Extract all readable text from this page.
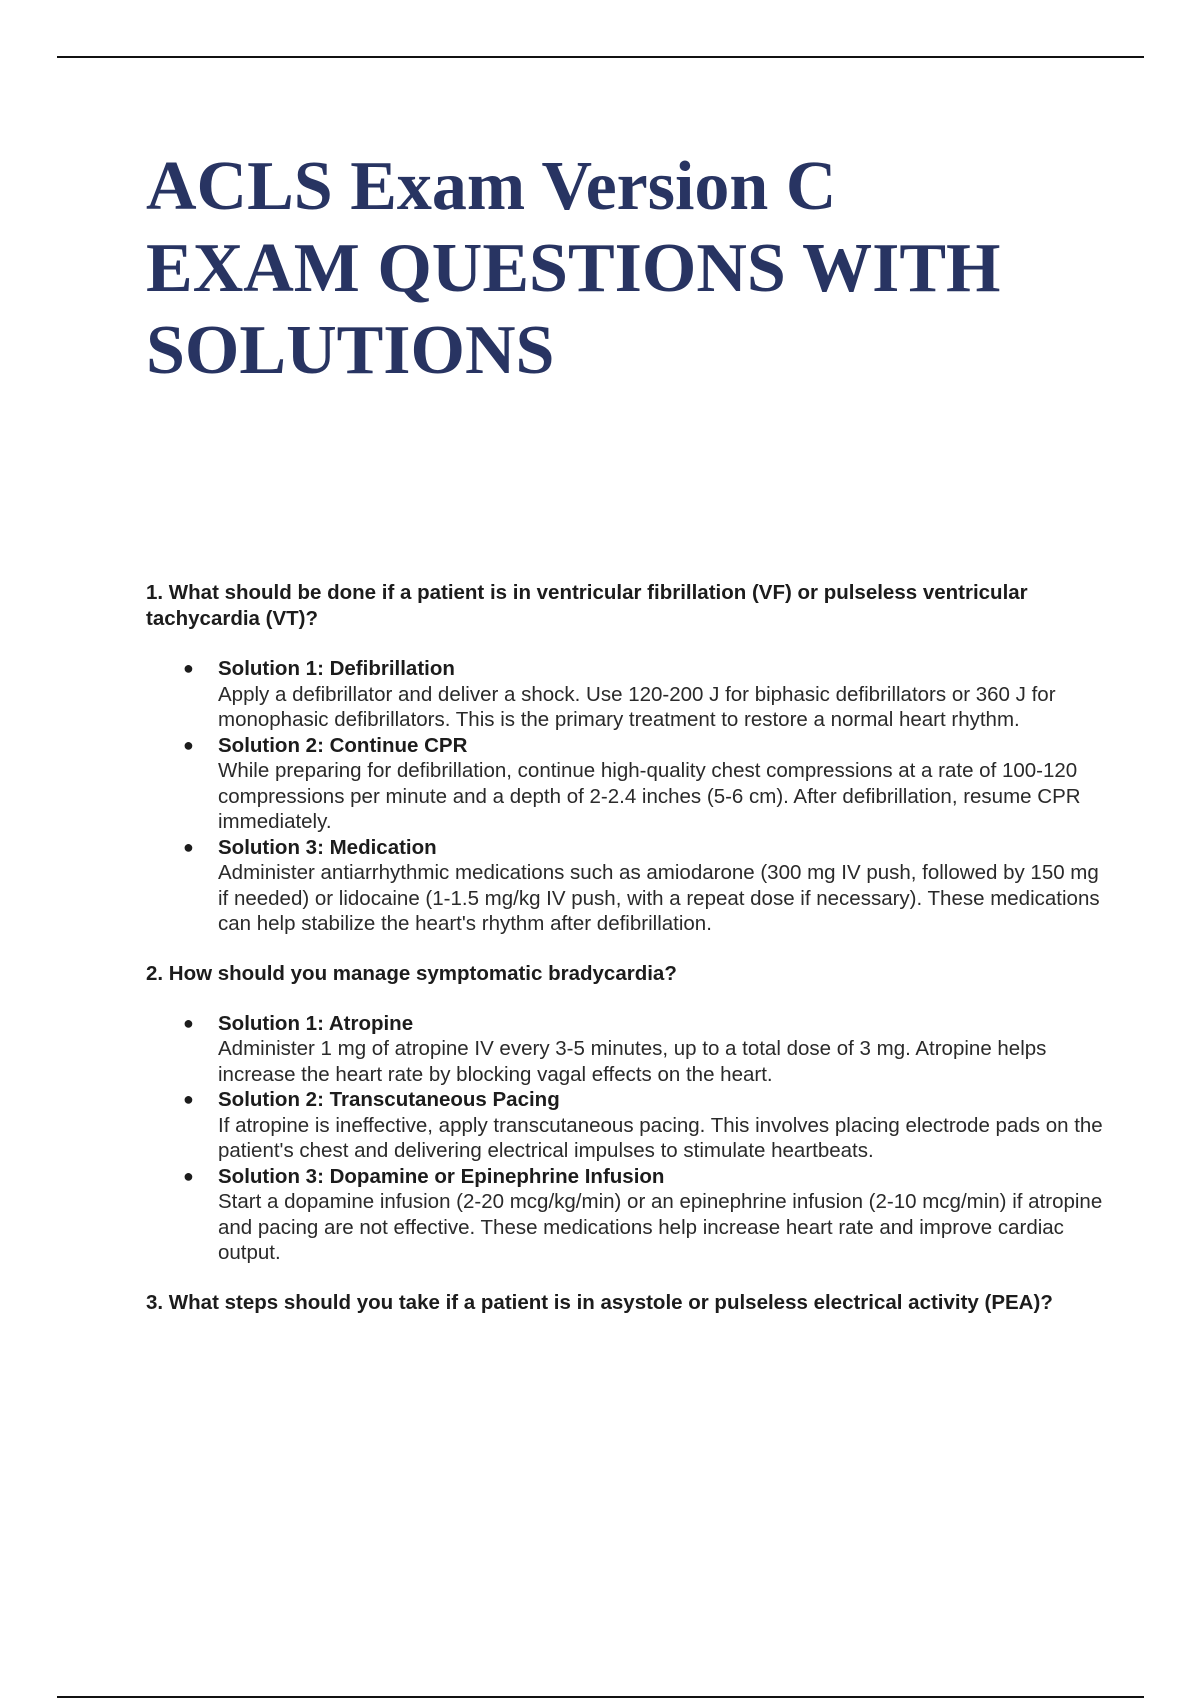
ACLS Exam Version C
EXAM QUESTIONS WITH
SOLUTIONS

1. What should be done if a patient is in ventricular fibrillation (VF) or pulseless ventricular tachycardia (VT)?

● Solution 1: Defibrillation
Apply a defibrillator and deliver a shock. Use 120-200 J for biphasic defibrillators or 360 J for monophasic defibrillators. This is the primary treatment to restore a normal heart rhythm.
● Solution 2: Continue CPR
While preparing for defibrillation, continue high-quality chest compressions at a rate of 100-120 compressions per minute and a depth of 2-2.4 inches (5-6 cm). After defibrillation, resume CPR immediately.
● Solution 3: Medication
Administer antiarrhythmic medications such as amiodarone (300 mg IV push, followed by 150 mg if needed) or lidocaine (1-1.5 mg/kg IV push, with a repeat dose if necessary). These medications can help stabilize the heart's rhythm after defibrillation.

2. How should you manage symptomatic bradycardia?

● Solution 1: Atropine
Administer 1 mg of atropine IV every 3-5 minutes, up to a total dose of 3 mg. Atropine helps increase the heart rate by blocking vagal effects on the heart.
● Solution 2: Transcutaneous Pacing
If atropine is ineffective, apply transcutaneous pacing. This involves placing electrode pads on the patient's chest and delivering electrical impulses to stimulate heartbeats.
● Solution 3: Dopamine or Epinephrine Infusion
Start a dopamine infusion (2-20 mcg/kg/min) or an epinephrine infusion (2-10 mcg/min) if atropine and pacing are not effective. These medications help increase heart rate and improve cardiac output.

3. What steps should you take if a patient is in asystole or pulseless electrical activity (PEA)?
